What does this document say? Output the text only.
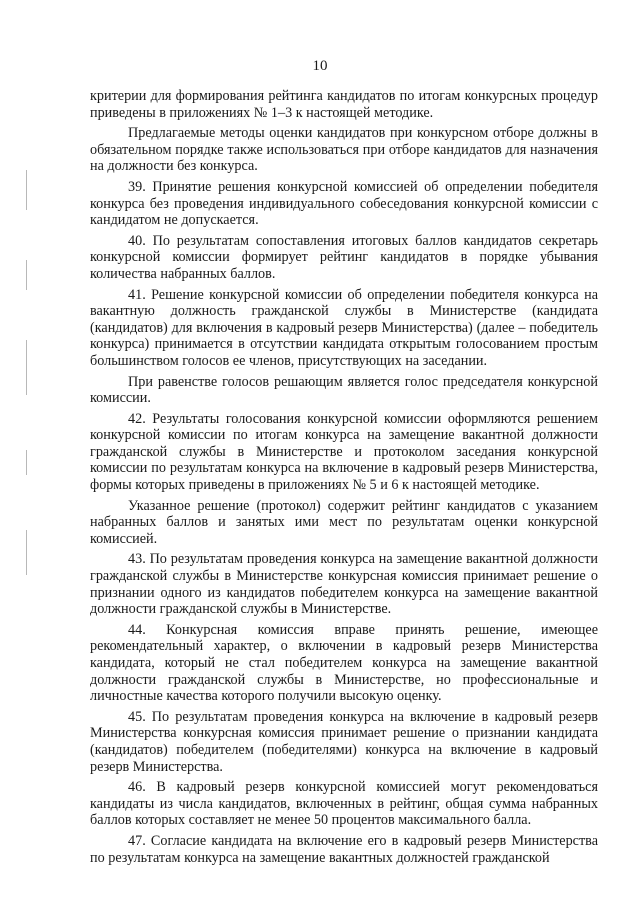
10

критерии для формирования рейтинга кандидатов по итогам конкурсных процедур приведены в приложениях № 1–3 к настоящей методике.

Предлагаемые методы оценки кандидатов при конкурсном отборе должны в обязательном порядке также использоваться при отборе кандидатов для назначения на должности без конкурса.

39. Принятие решения конкурсной комиссией об определении победителя конкурса без проведения индивидуального собеседования конкурсной комиссии с кандидатом не допускается.

40. По результатам сопоставления итоговых баллов кандидатов секретарь конкурсной комиссии формирует рейтинг кандидатов в порядке убывания количества набранных баллов.

41. Решение конкурсной комиссии об определении победителя конкурса на вакантную должность гражданской службы в Министерстве (кандидата (кандидатов) для включения в кадровый резерв Министерства) (далее – победитель конкурса) принимается в отсутствии кандидата открытым голосованием простым большинством голосов ее членов, присутствующих на заседании.

При равенстве голосов решающим является голос председателя конкурсной комиссии.

42. Результаты голосования конкурсной комиссии оформляются решением конкурсной комиссии по итогам конкурса на замещение вакантной должности гражданской службы в Министерстве и протоколом заседания конкурсной комиссии по результатам конкурса на включение в кадровый резерв Министерства, формы которых приведены в приложениях № 5 и 6 к настоящей методике.

Указанное решение (протокол) содержит рейтинг кандидатов с указанием набранных баллов и занятых ими мест по результатам оценки конкурсной комиссией.

43. По результатам проведения конкурса на замещение вакантной должности гражданской службы в Министерстве конкурсная комиссия принимает решение о признании одного из кандидатов победителем конкурса на замещение вакантной должности гражданской службы в Министерстве.

44. Конкурсная комиссия вправе принять решение, имеющее рекомендательный характер, о включении в кадровый резерв Министерства кандидата, который не стал победителем конкурса на замещение вакантной должности гражданской службы в Министерстве, но профессиональные и личностные качества которого получили высокую оценку.

45. По результатам проведения конкурса на включение в кадровый резерв Министерства конкурсная комиссия принимает решение о признании кандидата (кандидатов) победителем (победителями) конкурса на включение в кадровый резерв Министерства.

46. В кадровый резерв конкурсной комиссией могут рекомендоваться кандидаты из числа кандидатов, включенных в рейтинг, общая сумма набранных баллов которых составляет не менее 50 процентов максимального балла.

47. Согласие кандидата на включение его в кадровый резерв Министерства по результатам конкурса на замещение вакантных должностей гражданской
